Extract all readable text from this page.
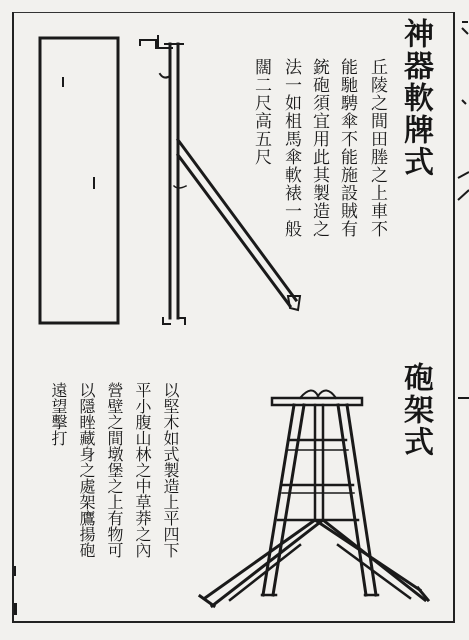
神器軟牌式
丘陵之間田塍之上車不
能馳騁傘不能施設賊有
銃砲須宜用此其製造之
法一如柤馬傘軟裱一般
闊二尺高五尺
砲架式
以堅木如式製造上平四下
平小腹山林之中草莽之內
營壁之間墩堡之上有物可
以隱睉藏身之處架鷹揚砲
遠望擊打
